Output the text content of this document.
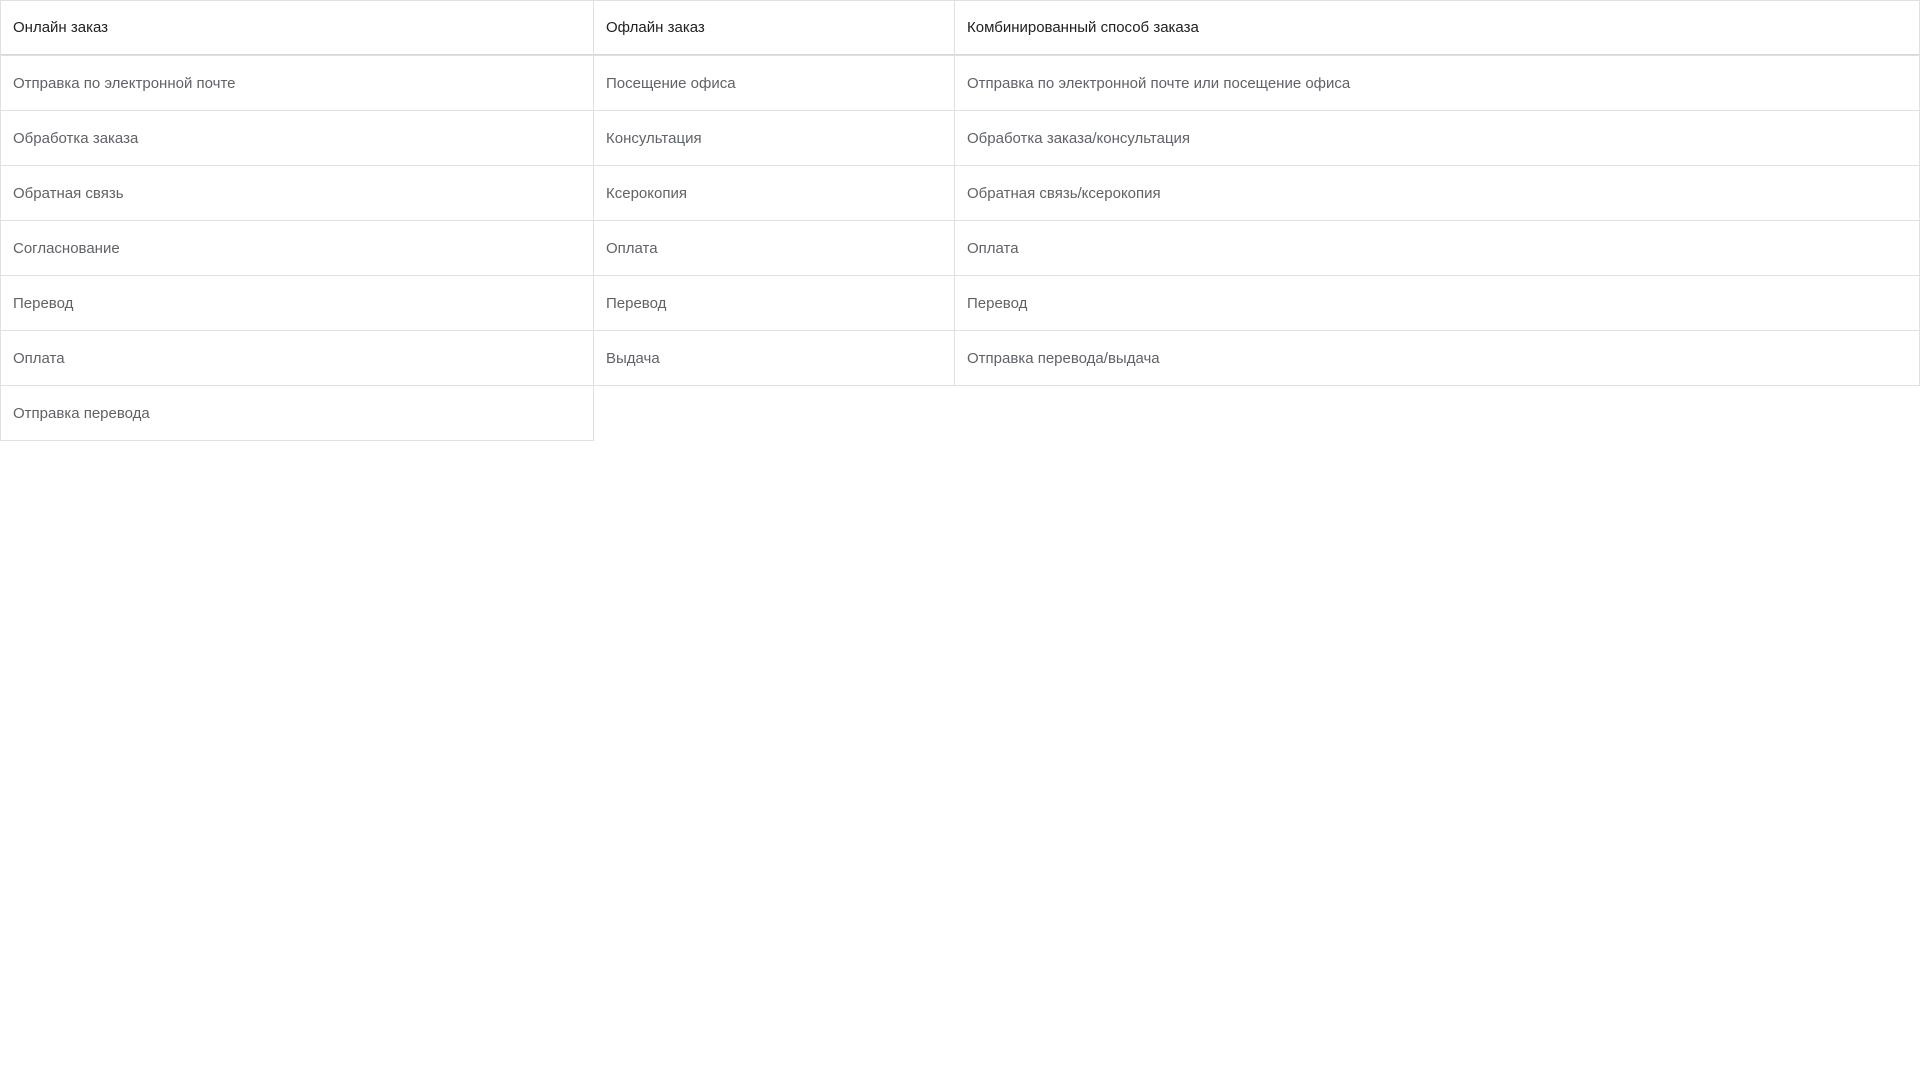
Онлайн заказ	Офлайн заказ	Комбинированный способ заказа
Отправка по электронной почте	Посещение офиса	Отправка по электронной почте или посещение офиса
Обработка заказа	Консультация	Обработка заказа/консультация
Обратная связь	Ксерокопия	Обратная связь/ксерокопия
Согласнование	Оплата	Оплата
Перевод	Перевод	Перевод
Оплата	Выдача	Отправка перевода/выдача
Отправка перевода
